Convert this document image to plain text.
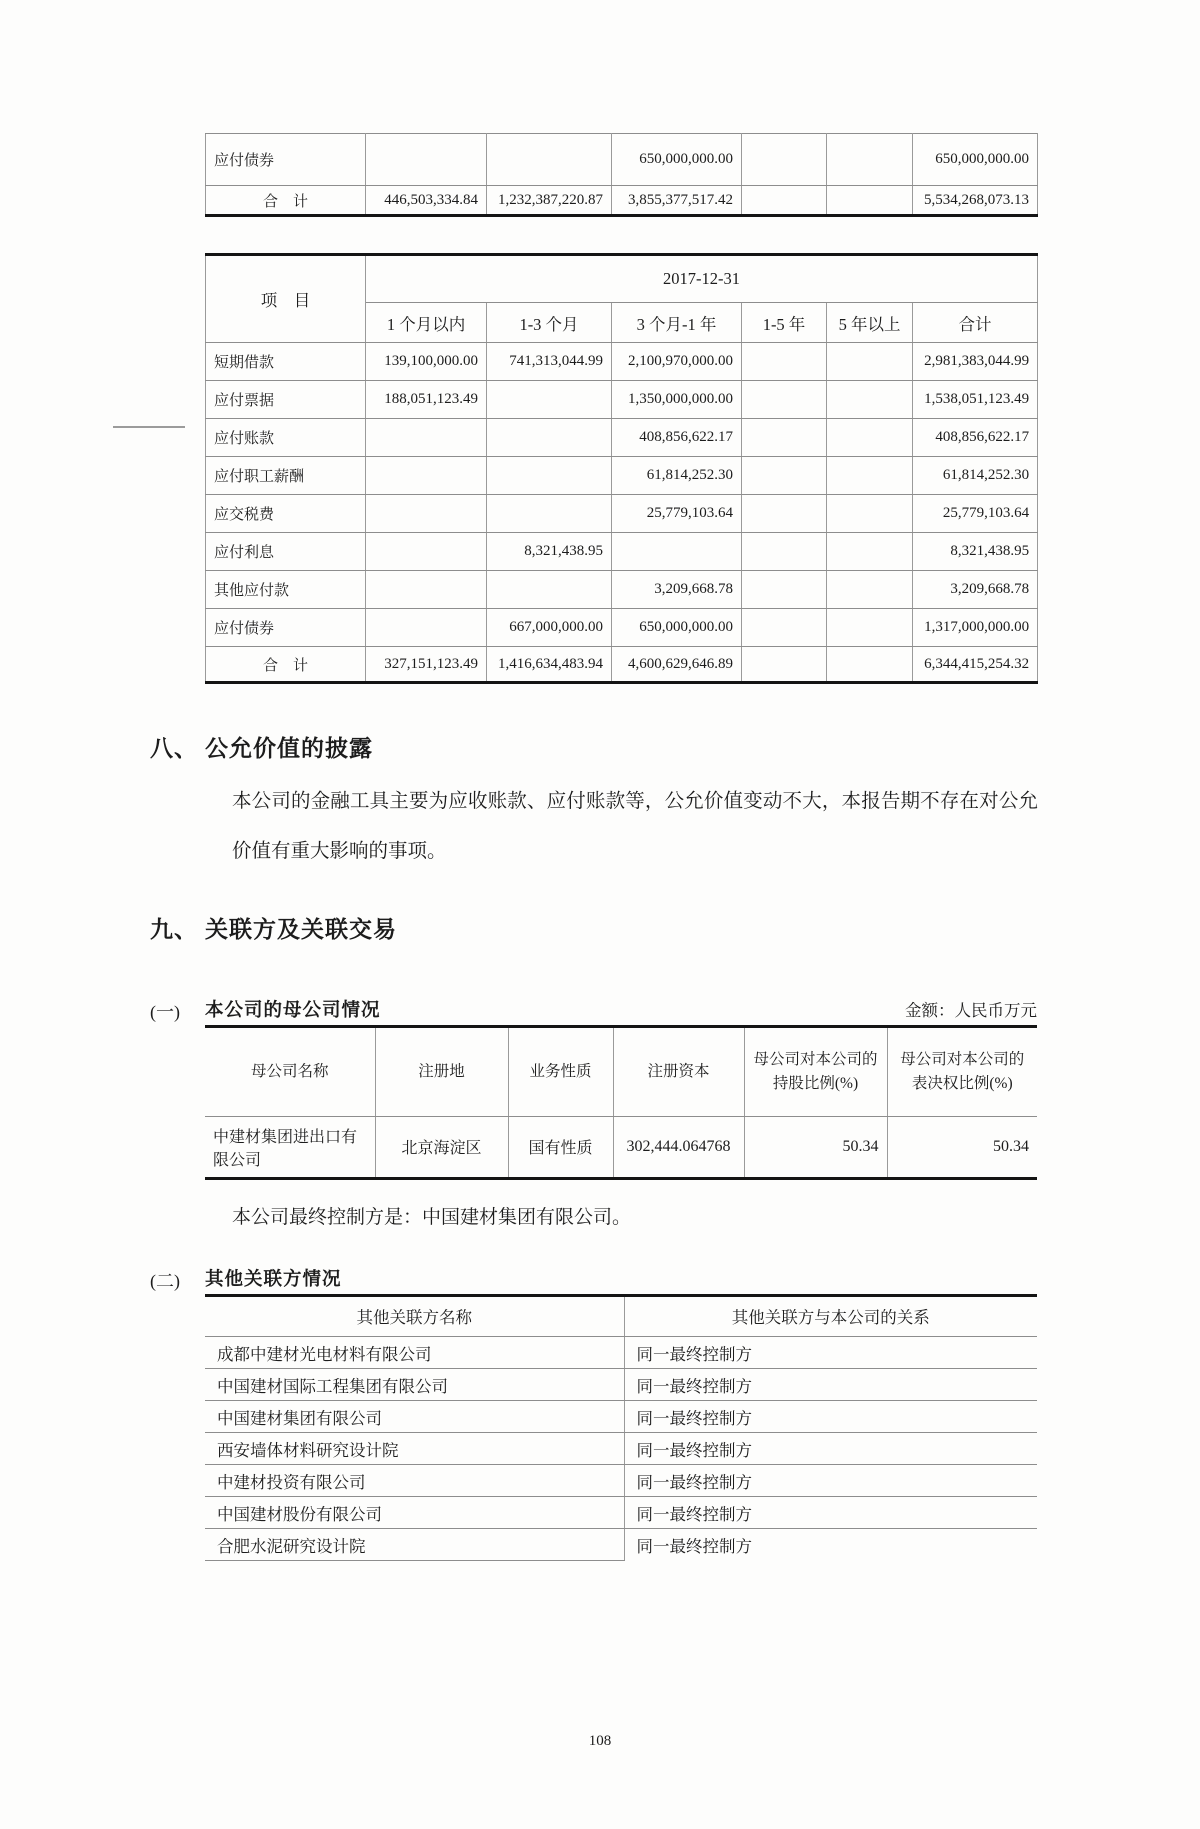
应付债券			650,000,000.00			650,000,000.00
合　计	446,503,334.84	1,232,387,220.87	3,855,377,517.42			5,534,268,073.13
项　目	2017-12-31					
	1 个月以内	1-3 个月	3 个月-1 年	1-5 年	5 年以上	合计
短期借款	139,100,000.00	741,313,044.99	2,100,970,000.00			2,981,383,044.99
应付票据	188,051,123.49		1,350,000,000.00			1,538,051,123.49
应付账款			408,856,622.17			408,856,622.17
应付职工薪酬			61,814,252.30			61,814,252.30
应交税费			25,779,103.64			25,779,103.64
应付利息		8,321,438.95				8,321,438.95
其他应付款			3,209,668.78			3,209,668.78
应付债券		667,000,000.00	650,000,000.00			1,317,000,000.00
合　计	327,151,123.49	1,416,634,483.94	4,600,629,646.89			6,344,415,254.32
八、 公允价值的披露
本公司的金融工具主要为应收账款、应付账款等，公允价值变动不大，本报告期不存在对公允价值有重大影响的事项。
九、 关联方及关联交易
(一)	本公司的母公司情况	金额：人民币万元
母公司名称	注册地	业务性质	注册资本	母公司对本公司的持股比例(%)	母公司对本公司的表决权比例(%)
中建材集团进出口有限公司	北京海淀区	国有性质	302,444.064768	50.34	50.34
本公司最终控制方是：中国建材集团有限公司。
(二)	其他关联方情况
其他关联方名称	其他关联方与本公司的关系
成都中建材光电材料有限公司	同一最终控制方
中国建材国际工程集团有限公司	同一最终控制方
中国建材集团有限公司	同一最终控制方
西安墙体材料研究设计院	同一最终控制方
中建材投资有限公司	同一最终控制方
中国建材股份有限公司	同一最终控制方
合肥水泥研究设计院	同一最终控制方
108
